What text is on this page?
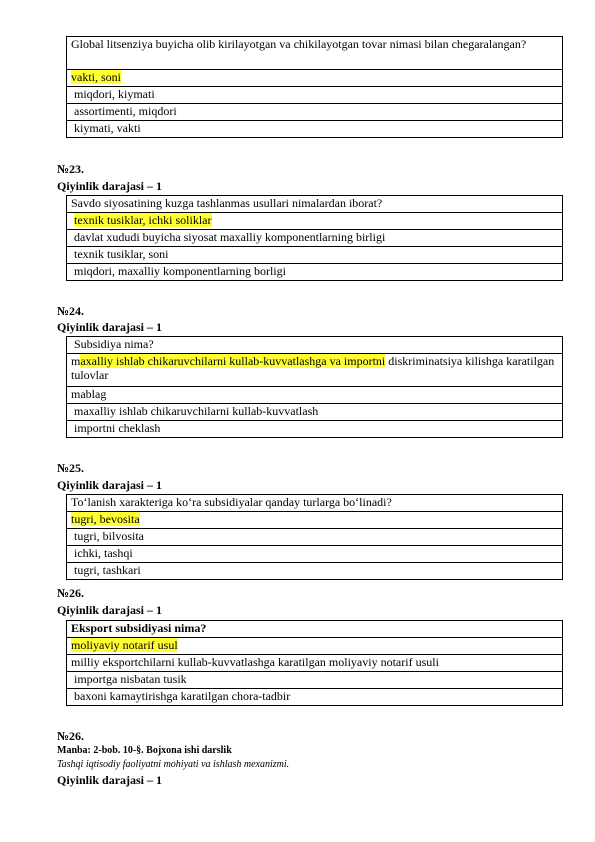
Global litsenziya buyicha olib kirilayotgan va chikilayotgan tovar nimasi bilan chegaralangan?
vakti, soni
miqdori, kiymati
assortimenti, miqdori
kiymati, vakti
№23.
Qiyinlik darajasi – 1
Savdo siyosatining kuzga tashlanmas usullari nimalardan iborat?
texnik tusiklar, ichki soliklar
davlat xududi buyicha siyosat maxalliy komponentlarning birligi
texnik tusiklar, soni
miqdori, maxalliy komponentlarning borligi
№24.
Qiyinlik darajasi – 1
Subsidiya nima?
maxalliy ishlab chikaruvchilarni kullab-kuvvatlashga va importni diskriminatsiya kilishga karatilgan tulovlar
mablag
maxalliy ishlab chikaruvchilarni kullab-kuvvatlash
importni cheklash
№25.
Qiyinlik darajasi – 1
To‘lanish xarakteriga ko‘ra subsidiyalar qanday turlarga bo‘linadi?
tugri, bevosita
tugri, bilvosita
ichki, tashqi
tugri, tashkari
№26.
Qiyinlik darajasi – 1
Eksport subsidiyasi nima?
moliyaviy notarif usul
milliy eksportchilarni kullab-kuvvatlashga karatilgan moliyaviy notarif usuli
importga nisbatan tusik
baxoni kamaytirishga karatilgan chora-tadbir
№26.
Manba: 2-bob. 10-§. Bojxona ishi darslik
Tashqi iqtisodiy faoliyatni mohiyati va ishlash mexanizmi.
Qiyinlik darajasi – 1
